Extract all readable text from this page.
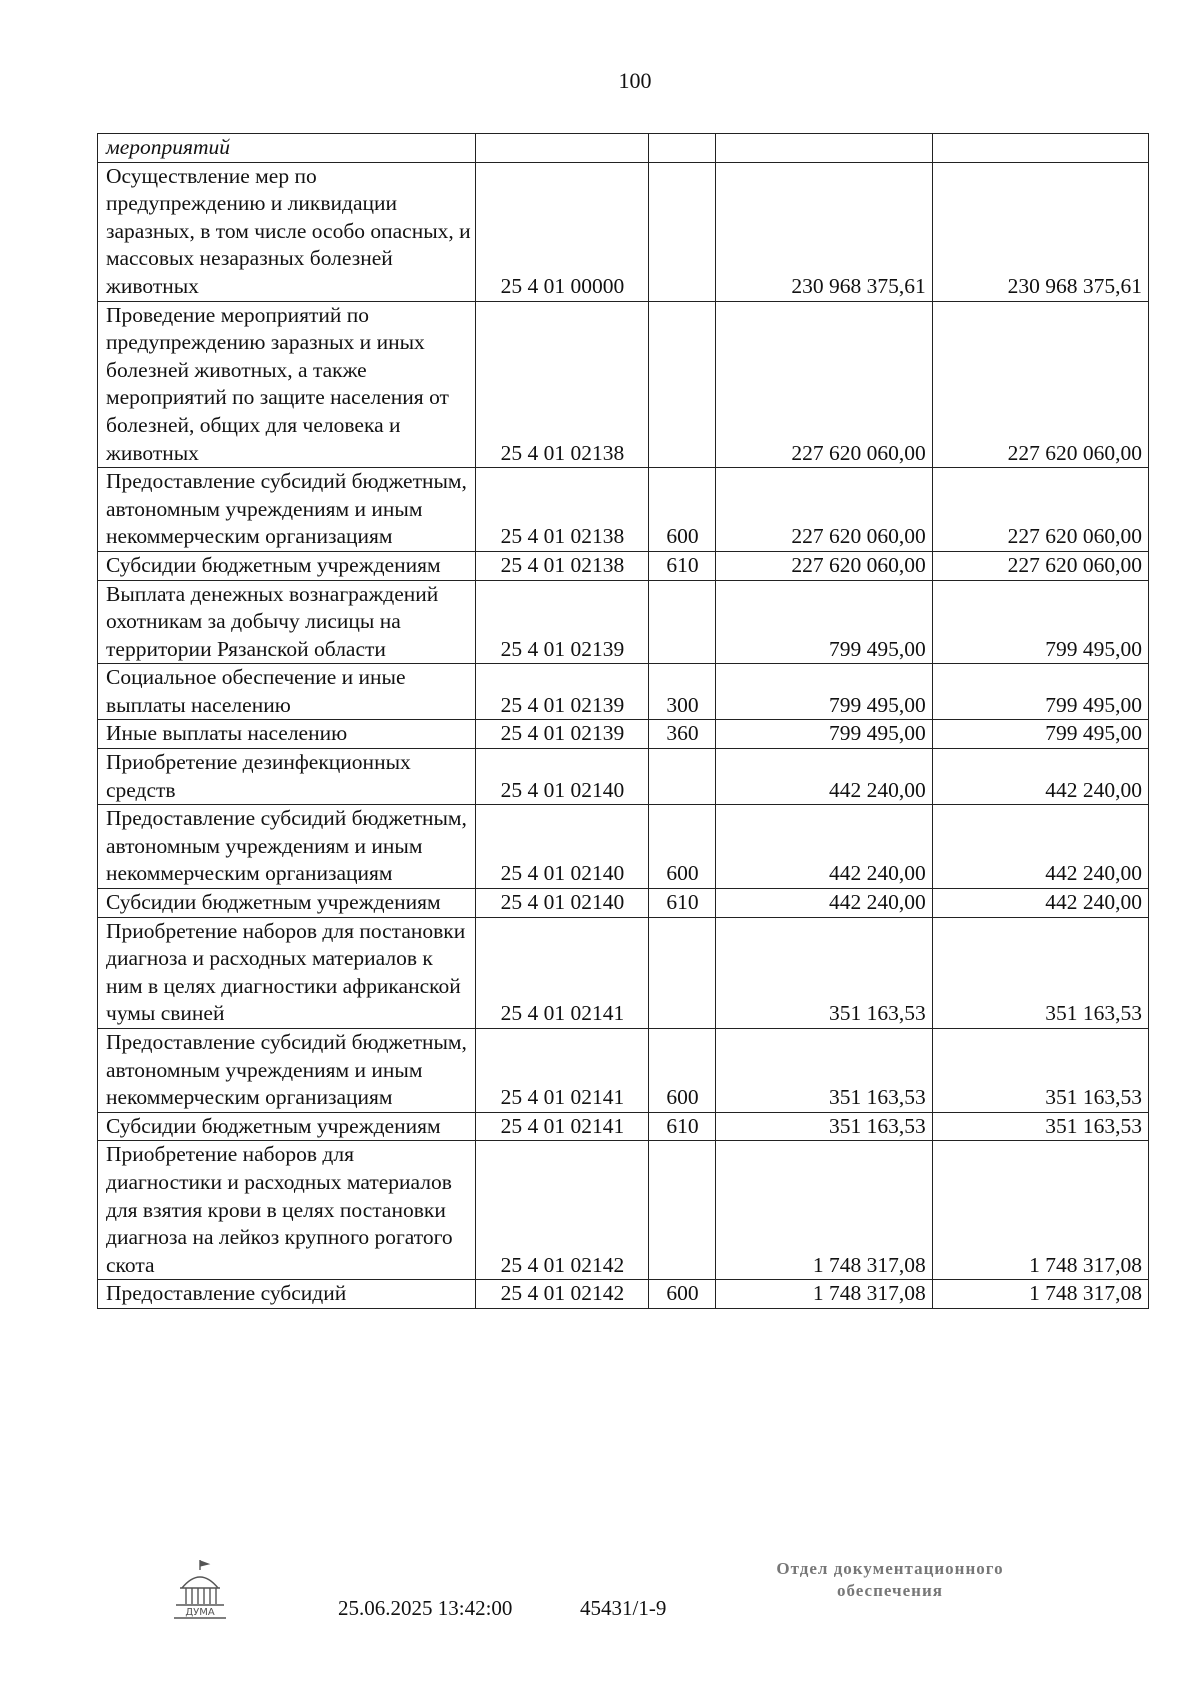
100
мероприятий				
Осуществление мер по предупреждению и ликвидации заразных, в том числе особо опасных, и массовых незаразных болезней животных	25 4 01 00000		230 968 375,61	230 968 375,61
Проведение мероприятий по предупреждению заразных и иных болезней животных, а также мероприятий по защите населения от болезней, общих для человека и животных	25 4 01 02138		227 620 060,00	227 620 060,00
Предоставление субсидий бюджетным, автономным учреждениям и иным некоммерческим организациям	25 4 01 02138	600	227 620 060,00	227 620 060,00
Субсидии бюджетным учреждениям	25 4 01 02138	610	227 620 060,00	227 620 060,00
Выплата денежных вознаграждений охотникам за добычу лисицы на территории Рязанской области	25 4 01 02139		799 495,00	799 495,00
Социальное обеспечение и иные выплаты населению	25 4 01 02139	300	799 495,00	799 495,00
Иные выплаты населению	25 4 01 02139	360	799 495,00	799 495,00
Приобретение дезинфекционных средств	25 4 01 02140		442 240,00	442 240,00
Предоставление субсидий бюджетным, автономным учреждениям и иным некоммерческим организациям	25 4 01 02140	600	442 240,00	442 240,00
Субсидии бюджетным учреждениям	25 4 01 02140	610	442 240,00	442 240,00
Приобретение наборов для постановки диагноза и расходных материалов к ним в целях диагностики африканской чумы свиней	25 4 01 02141		351 163,53	351 163,53
Предоставление субсидий бюджетным, автономным учреждениям и иным некоммерческим организациям	25 4 01 02141	600	351 163,53	351 163,53
Субсидии бюджетным учреждениям	25 4 01 02141	610	351 163,53	351 163,53
Приобретение наборов для диагностики и расходных материалов для взятия крови в целях постановки диагноза на лейкоз крупного рогатого скота	25 4 01 02142		1 748 317,08	1 748 317,08
Предоставление субсидий	25 4 01 02142	600	1 748 317,08	1 748 317,08
ДУМА	25.06.2025 13:42:00	45431/1-9
Отдел документационного
обеспечения
